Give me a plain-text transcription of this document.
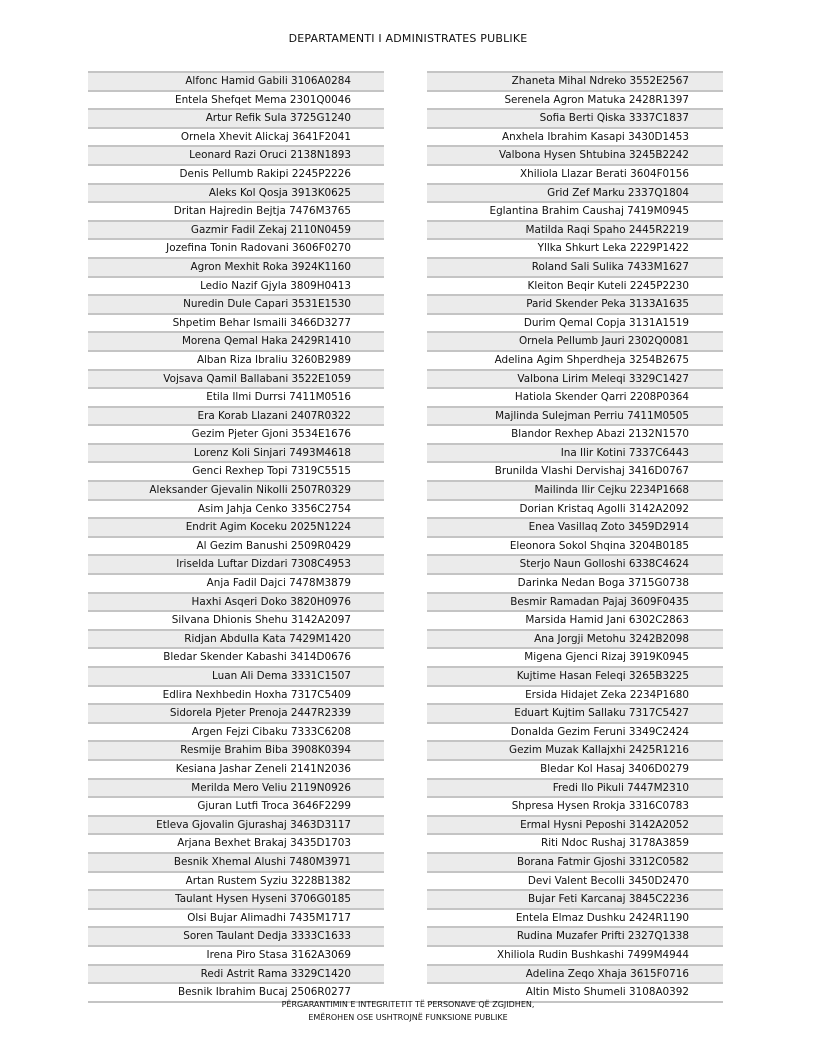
DEPARTAMENTI I ADMINISTRATES PUBLIKE
Alfonc Hamid Gabili 3106A0284
Entela Shefqet Mema 2301Q0046
Artur Refik Sula 3725G1240
Ornela Xhevit Alickaj 3641F2041
Leonard Razi Oruci 2138N1893
Denis Pellumb Rakipi 2245P2226
Aleks Kol Qosja 3913K0625
Dritan Hajredin Bejtja 7476M3765
Gazmir Fadil Zekaj 2110N0459
Jozefina Tonin Radovani 3606F0270
Agron Mexhit Roka 3924K1160
Ledio Nazif Gjyla 3809H0413
Nuredin Dule Capari 3531E1530
Shpetim Behar Ismaili 3466D3277
Morena Qemal Haka 2429R1410
Alban Riza Ibraliu 3260B2989
Vojsava Qamil Ballabani 3522E1059
Etila Ilmi Durrsi 7411M0516
Era Korab Llazani 2407R0322
Gezim Pjeter Gjoni 3534E1676
Lorenz Koli Sinjari 7493M4618
Genci Rexhep Topi 7319C5515
Aleksander Gjevalin Nikolli 2507R0329
Asim Jahja Cenko 3356C2754
Endrit Agim Koceku 2025N1224
Al Gezim Banushi 2509R0429
Iriselda Luftar Dizdari 7308C4953
Anja Fadil Dajci 7478M3879
Haxhi Asqeri Doko 3820H0976
Silvana Dhionis Shehu 3142A2097
Ridjan Abdulla Kata 7429M1420
Bledar Skender Kabashi 3414D0676
Luan Ali Dema 3331C1507
Edlira Nexhbedin Hoxha 7317C5409
Sidorela Pjeter Prenoja 2447R2339
Argen Fejzi Cibaku 7333C6208
Resmije Brahim Biba 3908K0394
Kesiana Jashar Zeneli 2141N2036
Merilda Mero Veliu 2119N0926
Gjuran Lutfi Troca 3646F2299
Etleva Gjovalin Gjurashaj 3463D3117
Arjana Bexhet Brakaj 3435D1703
Besnik Xhemal Alushi 7480M3971
Artan Rustem Syziu 3228B1382
Taulant Hysen Hyseni 3706G0185
Olsi Bujar Alimadhi 7435M1717
Soren Taulant Dedja 3333C1633
Irena Piro Stasa 3162A3069
Redi Astrit Rama 3329C1420
Besnik Ibrahim Bucaj 2506R0277
Zhaneta Mihal Ndreko 3552E2567
Serenela Agron Matuka 2428R1397
Sofia Berti Qiska 3337C1837
Anxhela Ibrahim Kasapi 3430D1453
Valbona Hysen Shtubina 3245B2242
Xhiliola Llazar Berati 3604F0156
Grid Zef Marku 2337Q1804
Eglantina Brahim Caushaj 7419M0945
Matilda Raqi Spaho 2445R2219
Yllka Shkurt Leka 2229P1422
Roland Sali Sulika 7433M1627
Kleiton Beqir Kuteli 2245P2230
Parid Skender Peka 3133A1635
Durim Qemal Copja 3131A1519
Ornela Pellumb Jauri 2302Q0081
Adelina Agim Shperdheja 3254B2675
Valbona Lirim Meleqi 3329C1427
Hatiola Skender Qarri 2208P0364
Majlinda Sulejman Perriu 7411M0505
Blandor Rexhep Abazi 2132N1570
Ina Ilir Kotini 7337C6443
Brunilda Vlashi Dervishaj 3416D0767
Mailinda Ilir Cejku 2234P1668
Dorian Kristaq Agolli 3142A2092
Enea Vasillaq Zoto 3459D2914
Eleonora Sokol Shqina 3204B0185
Sterjo Naun Golloshi 6338C4624
Darinka Nedan Boga 3715G0738
Besmir Ramadan Pajaj 3609F0435
Marsida Hamid Jani 6302C2863
Ana Jorgji Metohu 3242B2098
Migena Gjenci Rizaj 3919K0945
Kujtime Hasan Feleqi 3265B3225
Ersida Hidajet Zeka 2234P1680
Eduart Kujtim Sallaku 7317C5427
Donalda Gezim Feruni 3349C2424
Gezim Muzak Kallajxhi 2425R1216
Bledar Kol Hasaj 3406D0279
Fredi Ilo Pikuli 7447M2310
Shpresa Hysen Rrokja 3316C0783
Ermal Hysni Peposhi 3142A2052
Riti Ndoc Rushaj 3178A3859
Borana Fatmir Gjoshi 3312C0582
Devi Valent Becolli 3450D2470
Bujar Feti Karcanaj 3845C2236
Entela Elmaz Dushku 2424R1190
Rudina Muzafer Prifti 2327Q1338
Xhiliola Rudin Bushkashi 7499M4944
Adelina Zeqo Xhaja 3615F0716
Altin Misto Shumeli 3108A0392
PËRGARANTIMIN E INTEGRITETIT TË PERSONAVE QË ZGJIDHEN,
EMËROHEN OSE USHTROJNË FUNKSIONE PUBLIKE
